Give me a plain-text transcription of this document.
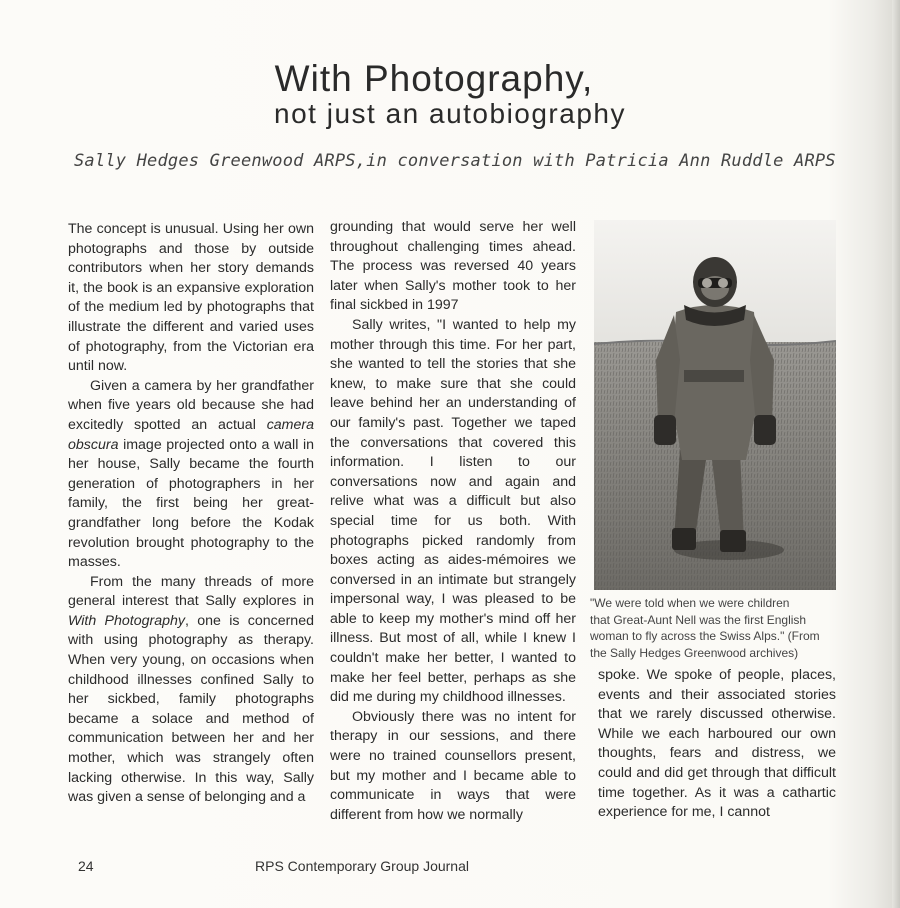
With Photography,
not just an autobiography
Sally Hedges Greenwood ARPS,in conversation with Patricia Ann Ruddle ARPS

The concept is unusual. Using her own photographs and those by outside contributors when her story demands it, the book is an expansive exploration of the medium led by photographs that illustrate the different and varied uses of photography, from the Victorian era until now.

Given a camera by her grandfather when five years old because she had excitedly spotted an actual camera obscura image projected onto a wall in her house, Sally became the fourth generation of photographers in her family, the first being her great-grandfather long before the Kodak revolution brought photography to the masses.

From the many threads of more general interest that Sally explores in With Photography, one is concerned with using photography as therapy. When very young, on occasions when childhood illnesses confined Sally to her sickbed, family photographs became a solace and method of communication between her and her mother, which was strangely often lacking otherwise. In this way, Sally was given a sense of belonging and a

grounding that would serve her well throughout challenging times ahead. The process was reversed 40 years later when Sally's mother took to her final sickbed in 1997

Sally writes, "I wanted to help my mother through this time. For her part, she wanted to tell the stories that she knew, to make sure that she could leave behind her an understanding of our family's past. Together we taped the conversations that covered this information. I listen to our conversations now and again and relive what was a difficult but also special time for us both. With photographs picked randomly from boxes acting as aides-mémoires we conversed in an intimate but strangely impersonal way, I was pleased to be able to keep my mother's mind off her illness. But most of all, while I knew I couldn't make her better, I wanted to make her feel better, perhaps as she did me during my childhood illnesses.

Obviously there was no intent for therapy in our sessions, and there were no trained counsellors present, but my mother and I became able to communicate in ways that were different from how we normally

"We were told when we were children
that Great-Aunt Nell was the first English
woman to fly across the Swiss Alps." (From
the Sally Hedges Greenwood archives)

spoke. We spoke of people, places, events and their associated stories that we rarely discussed otherwise. While we each harboured our own thoughts, fears and distress, we could and did get through that difficult time together. As it was a cathartic experience for me, I cannot

24	RPS Contemporary Group Journal
